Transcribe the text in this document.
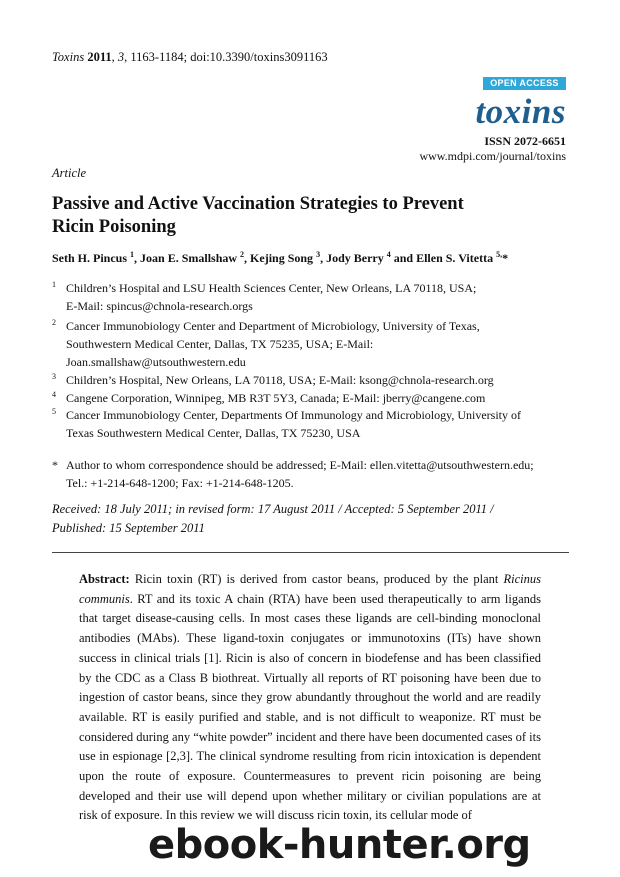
Toxins 2011, 3, 1163-1184; doi:10.3390/toxins3091163
OPEN ACCESS
toxins
ISSN 2072-6651
www.mdpi.com/journal/toxins
Article
Passive and Active Vaccination Strategies to Prevent
Ricin Poisoning
Seth H. Pincus $^1$, Joan E. Smallshaw $^2$, Kejing Song $^3$, Jody Berry $^4$ and Ellen S. Vitetta $^{5,}$*
1 Children’s Hospital and LSU Health Sciences Center, New Orleans, LA 70118, USA;
E-Mail: spincus@chnola-research.orgs
2 Cancer Immunobiology Center and Department of Microbiology, University of Texas,
Southwestern Medical Center, Dallas, TX 75235, USA; E-Mail:
Joan.smallshaw@utsouthwestern.edu
3 Children’s Hospital, New Orleans, LA 70118, USA; E-Mail: ksong@chnola-research.org
4 Cangene Corporation, Winnipeg, MB R3T 5Y3, Canada; E-Mail: jberry@cangene.com
5 Cancer Immunobiology Center, Departments Of Immunology and Microbiology, University of
Texas Southwestern Medical Center, Dallas, TX 75230, USA
* Author to whom correspondence should be addressed; E-Mail: ellen.vitetta@utsouthwestern.edu;
Tel.: +1-214-648-1200; Fax: +1-214-648-1205.
Received: 18 July 2011; in revised form: 17 August 2011 / Accepted: 5 September 2011 /
Published: 15 September 2011
Abstract: Ricin toxin (RT) is derived from castor beans, produced by the plant Ricinus communis. RT and its toxic A chain (RTA) have been used therapeutically to arm ligands that target disease-causing cells. In most cases these ligands are cell-binding monoclonal antibodies (MAbs). These ligand-toxin conjugates or immunotoxins (ITs) have shown success in clinical trials [1]. Ricin is also of concern in biodefense and has been classified by the CDC as a Class B biothreat. Virtually all reports of RT poisoning have been due to ingestion of castor beans, since they grow abundantly throughout the world and are readily available. RT is easily purified and stable, and is not difficult to weaponize. RT must be considered during any “white powder” incident and there have been documented cases of its use in espionage [2,3]. The clinical syndrome resulting from ricin intoxication is dependent upon the route of exposure. Countermeasures to prevent ricin poisoning are being developed and their use will depend upon whether military or civilian populations are at risk of exposure. In this review we will discuss ricin toxin, its cellular mode of
ebook-hunter.org
